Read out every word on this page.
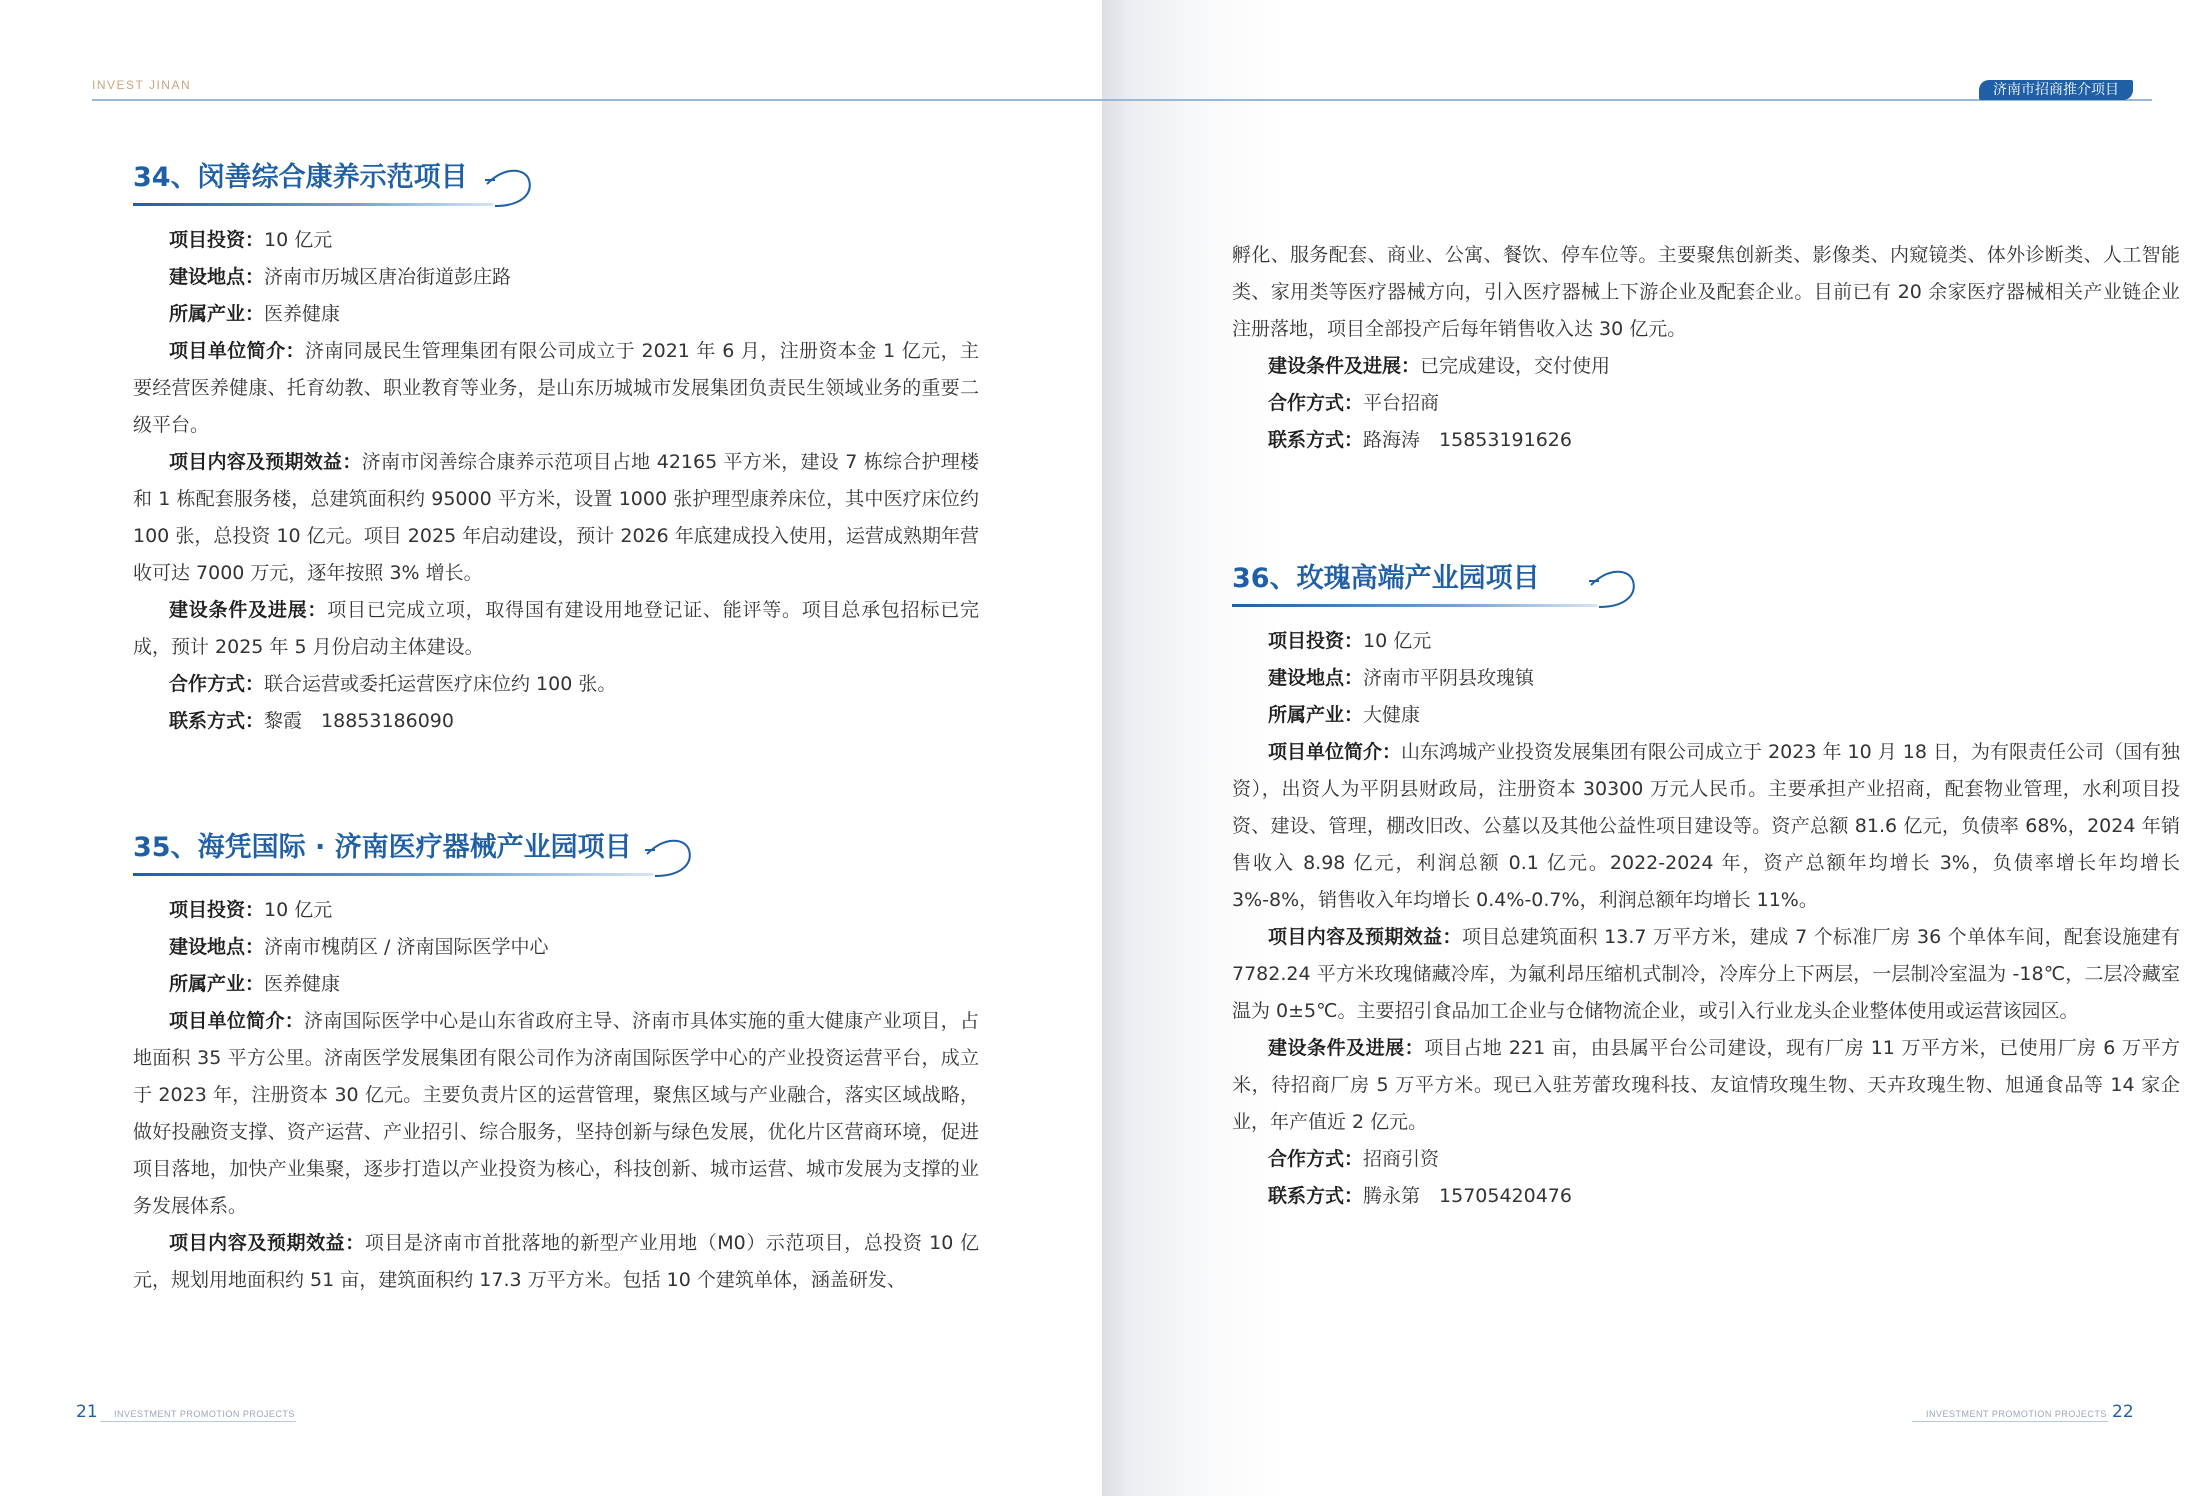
INVEST JINAN
34、闵善综合康养示范项目
项目投资：10 亿元
建设地点：济南市历城区唐冶街道彭庄路
所属产业：医养健康
项目单位简介：济南同晟民生管理集团有限公司成立于 2021 年 6 月，注册资本金 1 亿元，主要经营医养健康、托育幼教、职业教育等业务，是山东历城城市发展集团负责民生领域业务的重要二级平台。
项目内容及预期效益：济南市闵善综合康养示范项目占地 42165 平方米，建设 7 栋综合护理楼和 1 栋配套服务楼，总建筑面积约 95000 平方米，设置 1000 张护理型康养床位，其中医疗床位约 100 张，总投资 10 亿元。项目 2025 年启动建设，预计 2026 年底建成投入使用，运营成熟期年营收可达 7000 万元，逐年按照 3% 增长。
建设条件及进展：项目已完成立项，取得国有建设用地登记证、能评等。项目总承包招标已完成，预计 2025 年 5 月份启动主体建设。
合作方式：联合运营或委托运营医疗床位约 100 张。
联系方式：黎霞　18853186090
35、海凭国际 · 济南医疗器械产业园项目
项目投资：10 亿元
建设地点：济南市槐荫区 / 济南国际医学中心
所属产业：医养健康
项目单位简介：济南国际医学中心是山东省政府主导、济南市具体实施的重大健康产业项目，占地面积 35 平方公里。济南医学发展集团有限公司作为济南国际医学中心的产业投资运营平台，成立于 2023 年，注册资本 30 亿元。主要负责片区的运营管理，聚焦区域与产业融合，落实区域战略，做好投融资支撑、资产运营、产业招引、综合服务，坚持创新与绿色发展，优化片区营商环境，促进项目落地，加快产业集聚，逐步打造以产业投资为核心，科技创新、城市运营、城市发展为支撑的业务发展体系。
项目内容及预期效益：项目是济南市首批落地的新型产业用地（M0）示范项目，总投资 10 亿元，规划用地面积约 51 亩，建筑面积约 17.3 万平方米。包括 10 个建筑单体，涵盖研发、
21 INVESTMENT PROMOTION PROJECTS
济南市招商推介项目
孵化、服务配套、商业、公寓、餐饮、停车位等。主要聚焦创新类、影像类、内窥镜类、体外诊断类、人工智能类、家用类等医疗器械方向，引入医疗器械上下游企业及配套企业。目前已有 20 余家医疗器械相关产业链企业注册落地，项目全部投产后每年销售收入达 30 亿元。
建设条件及进展：已完成建设，交付使用
合作方式：平台招商
联系方式：路海涛　15853191626
36、玫瑰高端产业园项目
项目投资：10 亿元
建设地点：济南市平阴县玫瑰镇
所属产业：大健康
项目单位简介：山东鸿城产业投资发展集团有限公司成立于 2023 年 10 月 18 日，为有限责任公司（国有独资），出资人为平阴县财政局，注册资本 30300 万元人民币。主要承担产业招商，配套物业管理，水利项目投资、建设、管理，棚改旧改、公墓以及其他公益性项目建设等。资产总额 81.6 亿元，负债率 68%，2024 年销售收入 8.98 亿元，利润总额 0.1 亿元。2022-2024 年，资产总额年均增长 3%，负债率增长年均增长 3%-8%，销售收入年均增长 0.4%-0.7%，利润总额年均增长 11%。
项目内容及预期效益：项目总建筑面积 13.7 万平方米，建成 7 个标准厂房 36 个单体车间，配套设施建有 7782.24 平方米玫瑰储藏冷库，为氟利昂压缩机式制冷，冷库分上下两层，一层制冷室温为 -18℃，二层冷藏室温为 0±5℃。主要招引食品加工企业与仓储物流企业，或引入行业龙头企业整体使用或运营该园区。
建设条件及进展：项目占地 221 亩，由县属平台公司建设，现有厂房 11 万平方米，已使用厂房 6 万平方米，待招商厂房 5 万平方米。现已入驻芳蕾玫瑰科技、友谊情玫瑰生物、天卉玫瑰生物、旭通食品等 14 家企业，年产值近 2 亿元。
合作方式：招商引资
联系方式：腾永第　15705420476
INVESTMENT PROMOTION PROJECTS 22
